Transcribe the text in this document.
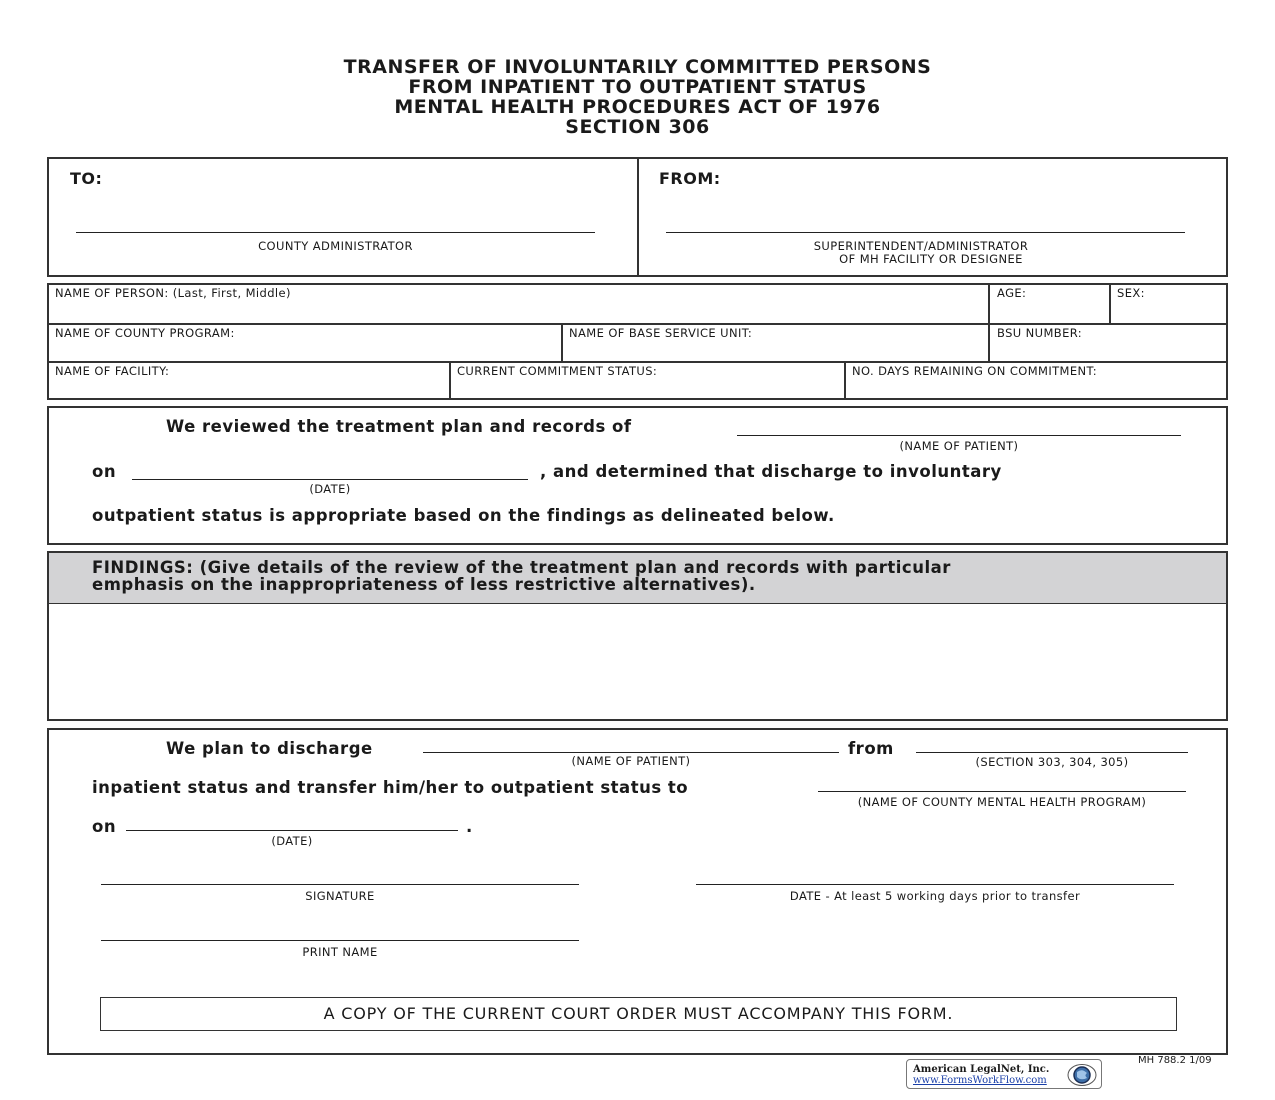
TRANSFER OF INVOLUNTARILY COMMITTED PERSONS
FROM INPATIENT TO OUTPATIENT STATUS
MENTAL HEALTH PROCEDURES ACT OF 1976
SECTION 306
TO:
COUNTY ADMINISTRATOR
FROM:
SUPERINTENDENT/ADMINISTRATOR
OF MH FACILITY OR DESIGNEE
NAME OF PERSON: (Last, First, Middle)	AGE:	SEX:
NAME OF COUNTY PROGRAM:	NAME OF BASE SERVICE UNIT:	BSU NUMBER:
NAME OF FACILITY:	CURRENT COMMITMENT STATUS:	NO. DAYS REMAINING ON COMMITMENT:
We reviewed the treatment plan and records of
(NAME OF PATIENT)
on
(DATE)
, and determined that discharge to involuntary
outpatient status is appropriate based on the findings as delineated below.
FINDINGS: (Give details of the review of the treatment plan and records with particular
emphasis on the inappropriateness of less restrictive alternatives).
We plan to discharge
(NAME OF PATIENT)
from
(SECTION 303, 304, 305)
inpatient status and transfer him/her to outpatient status to
(NAME OF COUNTY MENTAL HEALTH PROGRAM)
on	.
(DATE)
SIGNATURE	DATE - At least 5 working days prior to transfer
PRINT NAME
A COPY OF THE CURRENT COURT ORDER MUST ACCOMPANY THIS FORM.
American LegalNet, Inc.
www.FormsWorkFlow.com
MH 788.2 1/09
